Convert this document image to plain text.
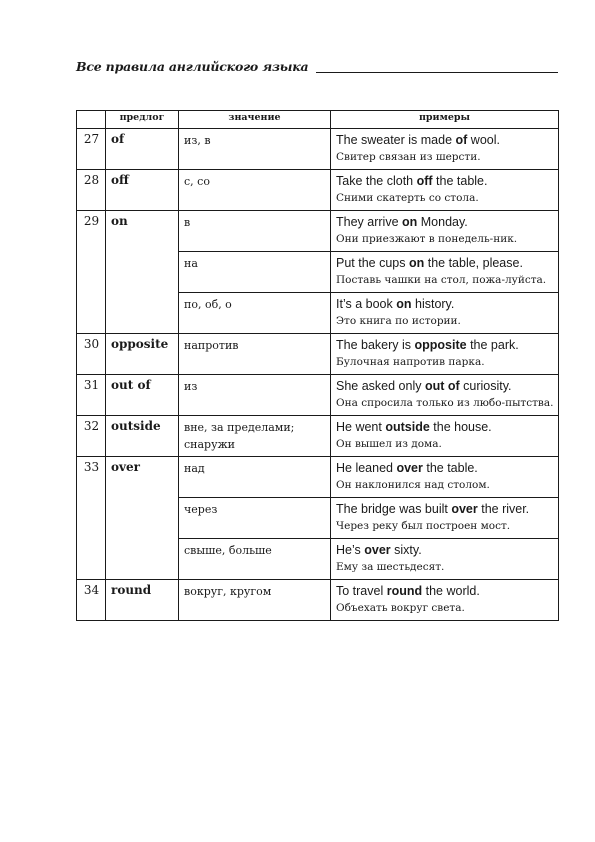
Все правила английского языка
	предлог	значение	примеры
27	of	из, в	The sweater is made of wool.
Свитер связан из шерсти.

28	off	с, со	Take the cloth off the table.
Сними скатерть со стола.

29	on	в	They arrive on Monday.
Они приезжают в понедель-ник.

		на	Put the cups on the table, please.
Поставь чашки на стол, пожа-луйста.

		по, об, о	It’s a book on history.
Это книга по истории.

30	opposite	напротив	The bakery is opposite the park.
Булочная напротив парка.

31	out of	из	She asked only out of curiosity.
Она спросила только из любо-пытства.

32	outside	вне, за пределами; снаружи	He went outside the house.
Он вышел из дома.

33	over	над	He leaned over the table.
Он наклонился над столом.

		через	The bridge was built over the river.
Через реку был построен мост.

		свыше, больше	He’s over sixty.
Ему за шестьдесят.

34	round	вокруг, кругом	To travel round the world.
Объехать вокруг света.
